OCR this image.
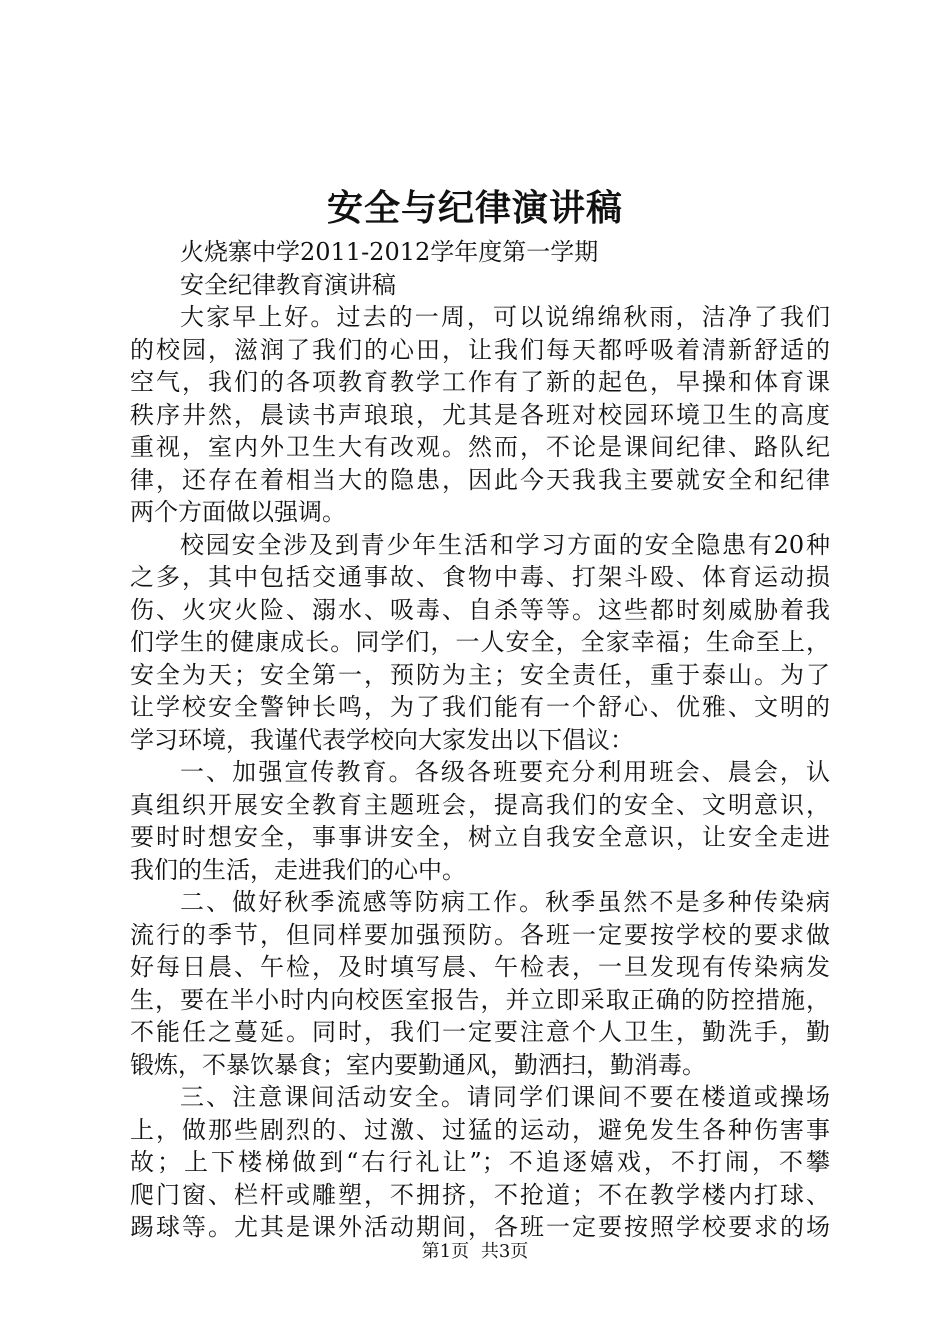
安全与纪律演讲稿
火烧寨中学2011-2012学年度第一学期
安全纪律教育演讲稿
大家早上好。过去的一周，可以说绵绵秋雨，洁净了我们
的校园，滋润了我们的心田，让我们每天都呼吸着清新舒适的
空气，我们的各项教育教学工作有了新的起色，早操和体育课
秩序井然，晨读书声琅琅，尤其是各班对校园环境卫生的高度
重视，室内外卫生大有改观。然而，不论是课间纪律、路队纪
律，还存在着相当大的隐患，因此今天我我主要就安全和纪律
两个方面做以强调。
校园安全涉及到青少年生活和学习方面的安全隐患有20种
之多，其中包括交通事故、食物中毒、打架斗殴、体育运动损
伤、火灾火险、溺水、吸毒、自杀等等。这些都时刻威胁着我
们学生的健康成长。同学们，一人安全，全家幸福；生命至上，
安全为天；安全第一，预防为主；安全责任，重于泰山。为了
让学校安全警钟长鸣，为了我们能有一个舒心、优雅、文明的
学习环境，我谨代表学校向大家发出以下倡议：
一、加强宣传教育。各级各班要充分利用班会、晨会，认
真组织开展安全教育主题班会，提高我们的安全、文明意识，
要时时想安全，事事讲安全，树立自我安全意识，让安全走进
我们的生活，走进我们的心中。
二、做好秋季流感等防病工作。秋季虽然不是多种传染病
流行的季节，但同样要加强预防。各班一定要按学校的要求做
好每日晨、午检，及时填写晨、午检表，一旦发现有传染病发
生，要在半小时内向校医室报告，并立即采取正确的防控措施，
不能任之蔓延。同时，我们一定要注意个人卫生，勤洗手，勤
锻炼，不暴饮暴食；室内要勤通风，勤洒扫，勤消毒。
三、注意课间活动安全。请同学们课间不要在楼道或操场
上，做那些剧烈的、过激、过猛的运动，避免发生各种伤害事
故；上下楼梯做到“右行礼让”；不追逐嬉戏，不打闹，不攀
爬门窗、栏杆或雕塑，不拥挤，不抢道；不在教学楼内打球、
踢球等。尤其是课外活动期间，各班一定要按照学校要求的场
第1页 共3页
